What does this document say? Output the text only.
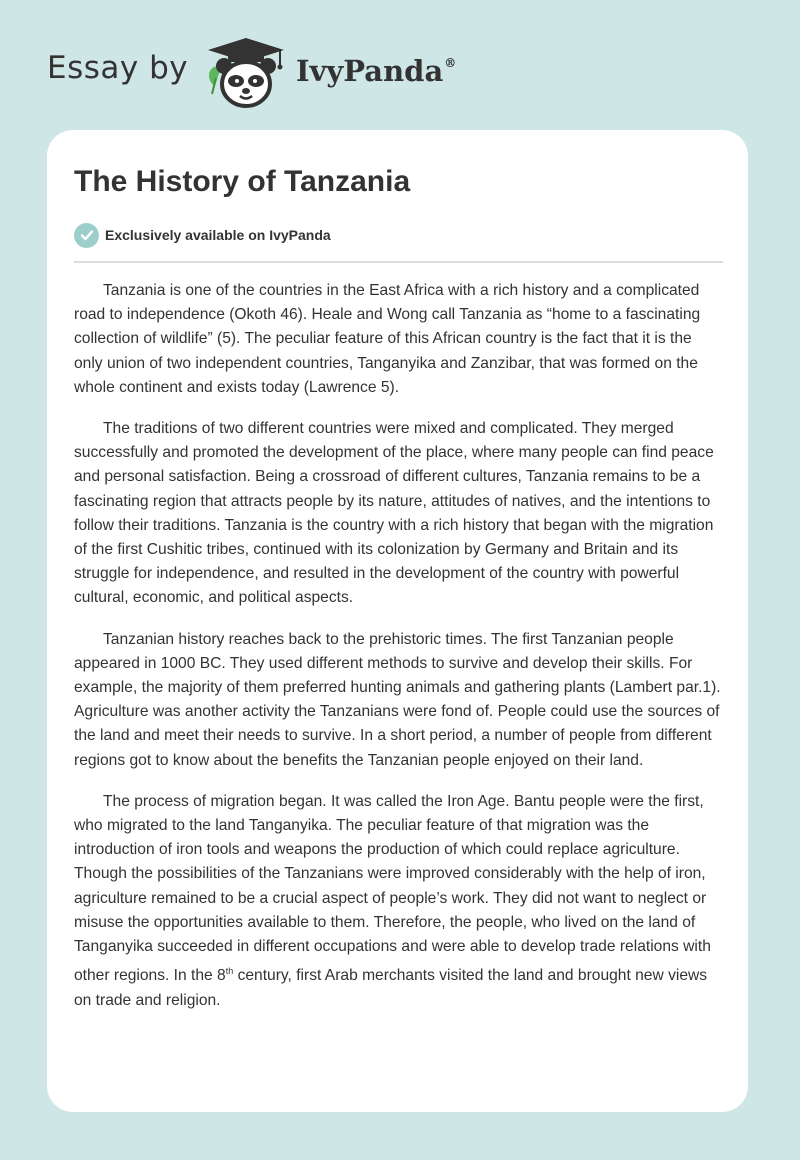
Essay by	IvyPanda®
The History of Tanzania
Exclusively available on IvyPanda

Tanzania is one of the countries in the East Africa with a rich history and a complicated road to independence (Okoth 46). Heale and Wong call Tanzania as “home to a fascinating collection of wildlife” (5). The peculiar feature of this African country is the fact that it is the only union of two independent countries, Tanganyika and Zanzibar, that was formed on the whole continent and exists today (Lawrence 5).

The traditions of two different countries were mixed and complicated. They merged successfully and promoted the development of the place, where many people can find peace and personal satisfaction. Being a crossroad of different cultures, Tanzania remains to be a fascinating region that attracts people by its nature, attitudes of natives, and the intentions to follow their traditions. Tanzania is the country with a rich history that began with the migration of the first Cushitic tribes, continued with its colonization by Germany and Britain and its struggle for independence, and resulted in the development of the country with powerful cultural, economic, and political aspects.

Tanzanian history reaches back to the prehistoric times. The first Tanzanian people appeared in 1000 BC. They used different methods to survive and develop their skills. For example, the majority of them preferred hunting animals and gathering plants (Lambert par.1). Agriculture was another activity the Tanzanians were fond of. People could use the sources of the land and meet their needs to survive. In a short period, a number of people from different regions got to know about the benefits the Tanzanian people enjoyed on their land.

The process of migration began. It was called the Iron Age. Bantu people were the first, who migrated to the land Tanganyika. The peculiar feature of that migration was the introduction of iron tools and weapons the production of which could replace agriculture. Though the possibilities of the Tanzanians were improved considerably with the help of iron, agriculture remained to be a crucial aspect of people’s work. They did not want to neglect or misuse the opportunities available to them. Therefore, the people, who lived on the land of Tanganyika succeeded in different occupations and were able to develop trade relations with other regions. In the 8th century, first Arab merchants visited the land and brought new views on trade and religion.
